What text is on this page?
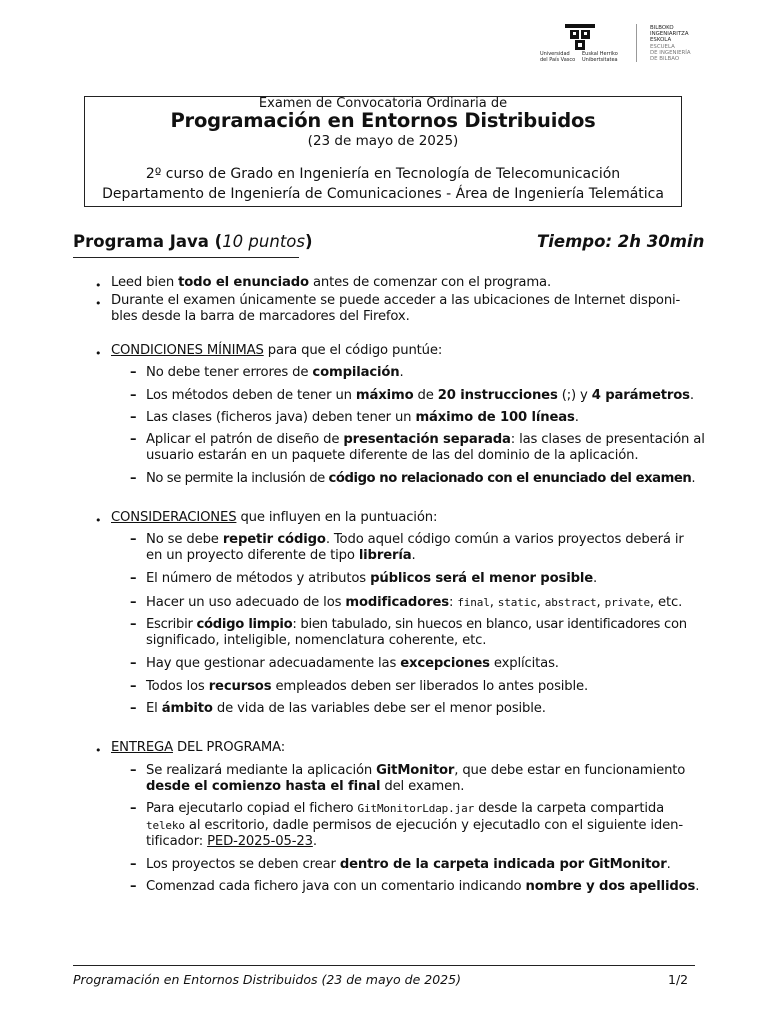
Universidad
del País Vasco
Euskal Herriko
Unibertsitatea
BILBOKO
INGENIARITZA
ESKOLA
ESCUELA
DE INGENIERÍA
DE BILBAO
Examen de Convocatoria Ordinaria de
Programación en Entornos Distribuidos
(23 de mayo de 2025)
2º curso de Grado en Ingeniería en Tecnología de Telecomunicación
Departamento de Ingeniería de Comunicaciones - Área de Ingeniería Telemática
Programa Java (10 puntos)	Tiempo: 2h 30min
• Leed bien todo el enunciado antes de comenzar con el programa.
• Durante el examen únicamente se puede acceder a las ubicaciones de Internet disponi-
bles desde la barra de marcadores del Firefox.
• CONDICIONES MÍNIMAS para que el código puntúe:
– No debe tener errores de compilación.
– Los métodos deben de tener un máximo de 20 instrucciones (;) y 4 parámetros.
– Las clases (ficheros java) deben tener un máximo de 100 líneas.
– Aplicar el patrón de diseño de presentación separada: las clases de presentación al
usuario estarán en un paquete diferente de las del dominio de la aplicación.
– No se permite la inclusión de código no relacionado con el enunciado del examen.
• CONSIDERACIONES que influyen en la puntuación:
– No se debe repetir código. Todo aquel código común a varios proyectos deberá ir
en un proyecto diferente de tipo librería.
– El número de métodos y atributos públicos será el menor posible.
– Hacer un uso adecuado de los modificadores: final, static, abstract, private, etc.
– Escribir código limpio: bien tabulado, sin huecos en blanco, usar identificadores con
significado, inteligible, nomenclatura coherente, etc.
– Hay que gestionar adecuadamente las excepciones explícitas.
– Todos los recursos empleados deben ser liberados lo antes posible.
– El ámbito de vida de las variables debe ser el menor posible.
• ENTREGA DEL PROGRAMA:
– Se realizará mediante la aplicación GitMonitor, que debe estar en funcionamiento
desde el comienzo hasta el final del examen.
– Para ejecutarlo copiad el fichero GitMonitorLdap.jar desde la carpeta compartida
teleko al escritorio, dadle permisos de ejecución y ejecutadlo con el siguiente iden-
tificador: PED-2025-05-23.
– Los proyectos se deben crear dentro de la carpeta indicada por GitMonitor.
– Comenzad cada fichero java con un comentario indicando nombre y dos apellidos.
Programación en Entornos Distribuidos (23 de mayo de 2025)	1/2
